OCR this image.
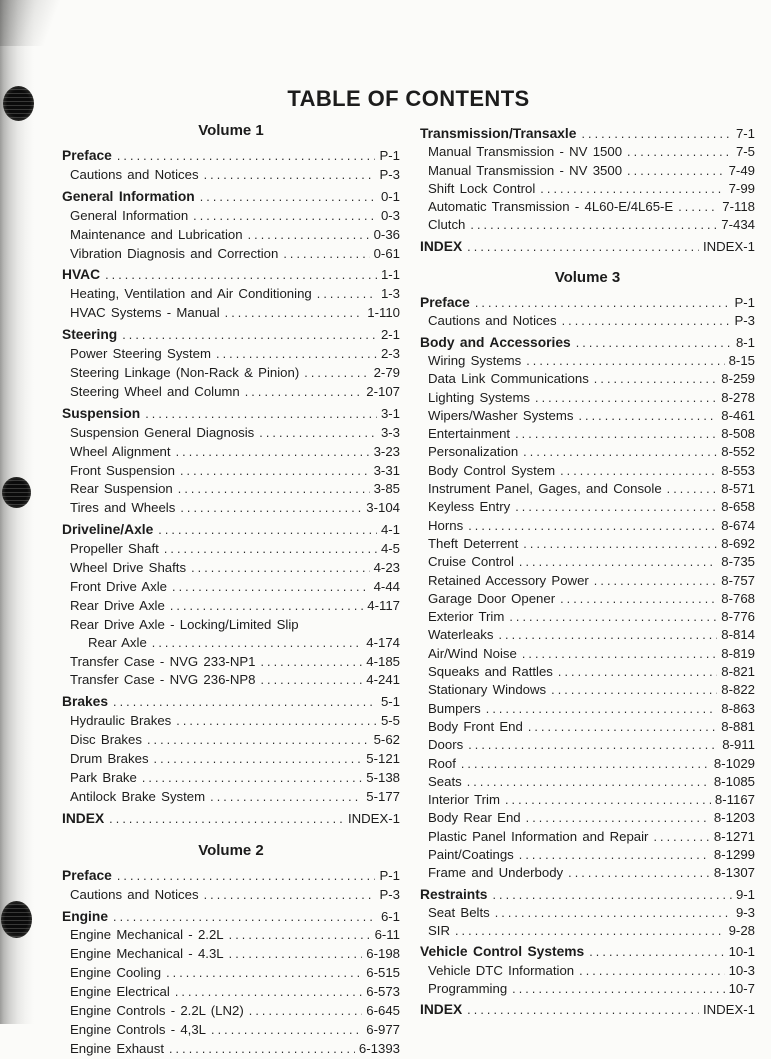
TABLE OF CONTENTS
Volume 1
Preface .....	P-1
Cautions and Notices .....	P-3
General Information .....	0-1
General Information .....	0-3
Maintenance and Lubrication .....	0-36
Vibration Diagnosis and Correction .....	0-61
HVAC .....	1-1
Heating, Ventilation and Air Conditioning .....	1-3
HVAC Systems - Manual .....	1-110
Steering .....	2-1
Power Steering System .....	2-3
Steering Linkage (Non-Rack & Pinion) .....	2-79
Steering Wheel and Column .....	2-107
Suspension .....	3-1
Suspension General Diagnosis .....	3-3
Wheel Alignment .....	3-23
Front Suspension .....	3-31
Rear Suspension .....	3-85
Tires and Wheels .....	3-104
Driveline/Axle .....	4-1
Propeller Shaft .....	4-5
Wheel Drive Shafts .....	4-23
Front Drive Axle .....	4-44
Rear Drive Axle .....	4-117
Rear Drive Axle - Locking/Limited Slip
Rear Axle .....	4-174
Transfer Case - NVG 233-NP1 .....	4-185
Transfer Case - NVG 236-NP8 .....	4-241
Brakes .....	5-1
Hydraulic Brakes .....	5-5
Disc Brakes .....	5-62
Drum Brakes .....	5-121
Park Brake .....	5-138
Antilock Brake System .....	5-177
INDEX .....	INDEX-1
Volume 2
Preface .....	P-1
Cautions and Notices .....	P-3
Engine .....	6-1
Engine Mechanical - 2.2L .....	6-11
Engine Mechanical - 4.3L .....	6-198
Engine Cooling .....	6-515
Engine Electrical .....	6-573
Engine Controls - 2.2L (LN2) .....	6-645
Engine Controls - 4,3L .....	6-977
Engine Exhaust .....	6-1393
Transmission/Transaxle .....	7-1
Manual Transmission - NV 1500 .....	7-5
Manual Transmission - NV 3500 .....	7-49
Shift Lock Control .....	7-99
Automatic Transmission - 4L60-E/4L65-E .....	7-118
Clutch .....	7-434
INDEX .....	INDEX-1
Volume 3
Preface .....	P-1
Cautions and Notices .....	P-3
Body and Accessories .....	8-1
Wiring Systems .....	8-15
Data Link Communications .....	8-259
Lighting Systems .....	8-278
Wipers/Washer Systems .....	8-461
Entertainment .....	8-508
Personalization .....	8-552
Body Control System .....	8-553
Instrument Panel, Gages, and Console .....	8-571
Keyless Entry .....	8-658
Horns .....	8-674
Theft Deterrent .....	8-692
Cruise Control .....	8-735
Retained Accessory Power .....	8-757
Garage Door Opener .....	8-768
Exterior Trim .....	8-776
Waterleaks .....	8-814
Air/Wind Noise .....	8-819
Squeaks and Rattles .....	8-821
Stationary Windows .....	8-822
Bumpers .....	8-863
Body Front End .....	8-881
Doors .....	8-911
Roof .....	8-1029
Seats .....	8-1085
Interior Trim .....	8-1167
Body Rear End .....	8-1203
Plastic Panel Information and Repair .....	8-1271
Paint/Coatings .....	8-1299
Frame and Underbody .....	8-1307
Restraints .....	9-1
Seat Belts .....	9-3
SIR .....	9-28
Vehicle Control Systems .....	10-1
Vehicle DTC Information .....	10-3
Programming .....	10-7
INDEX .....	INDEX-1
